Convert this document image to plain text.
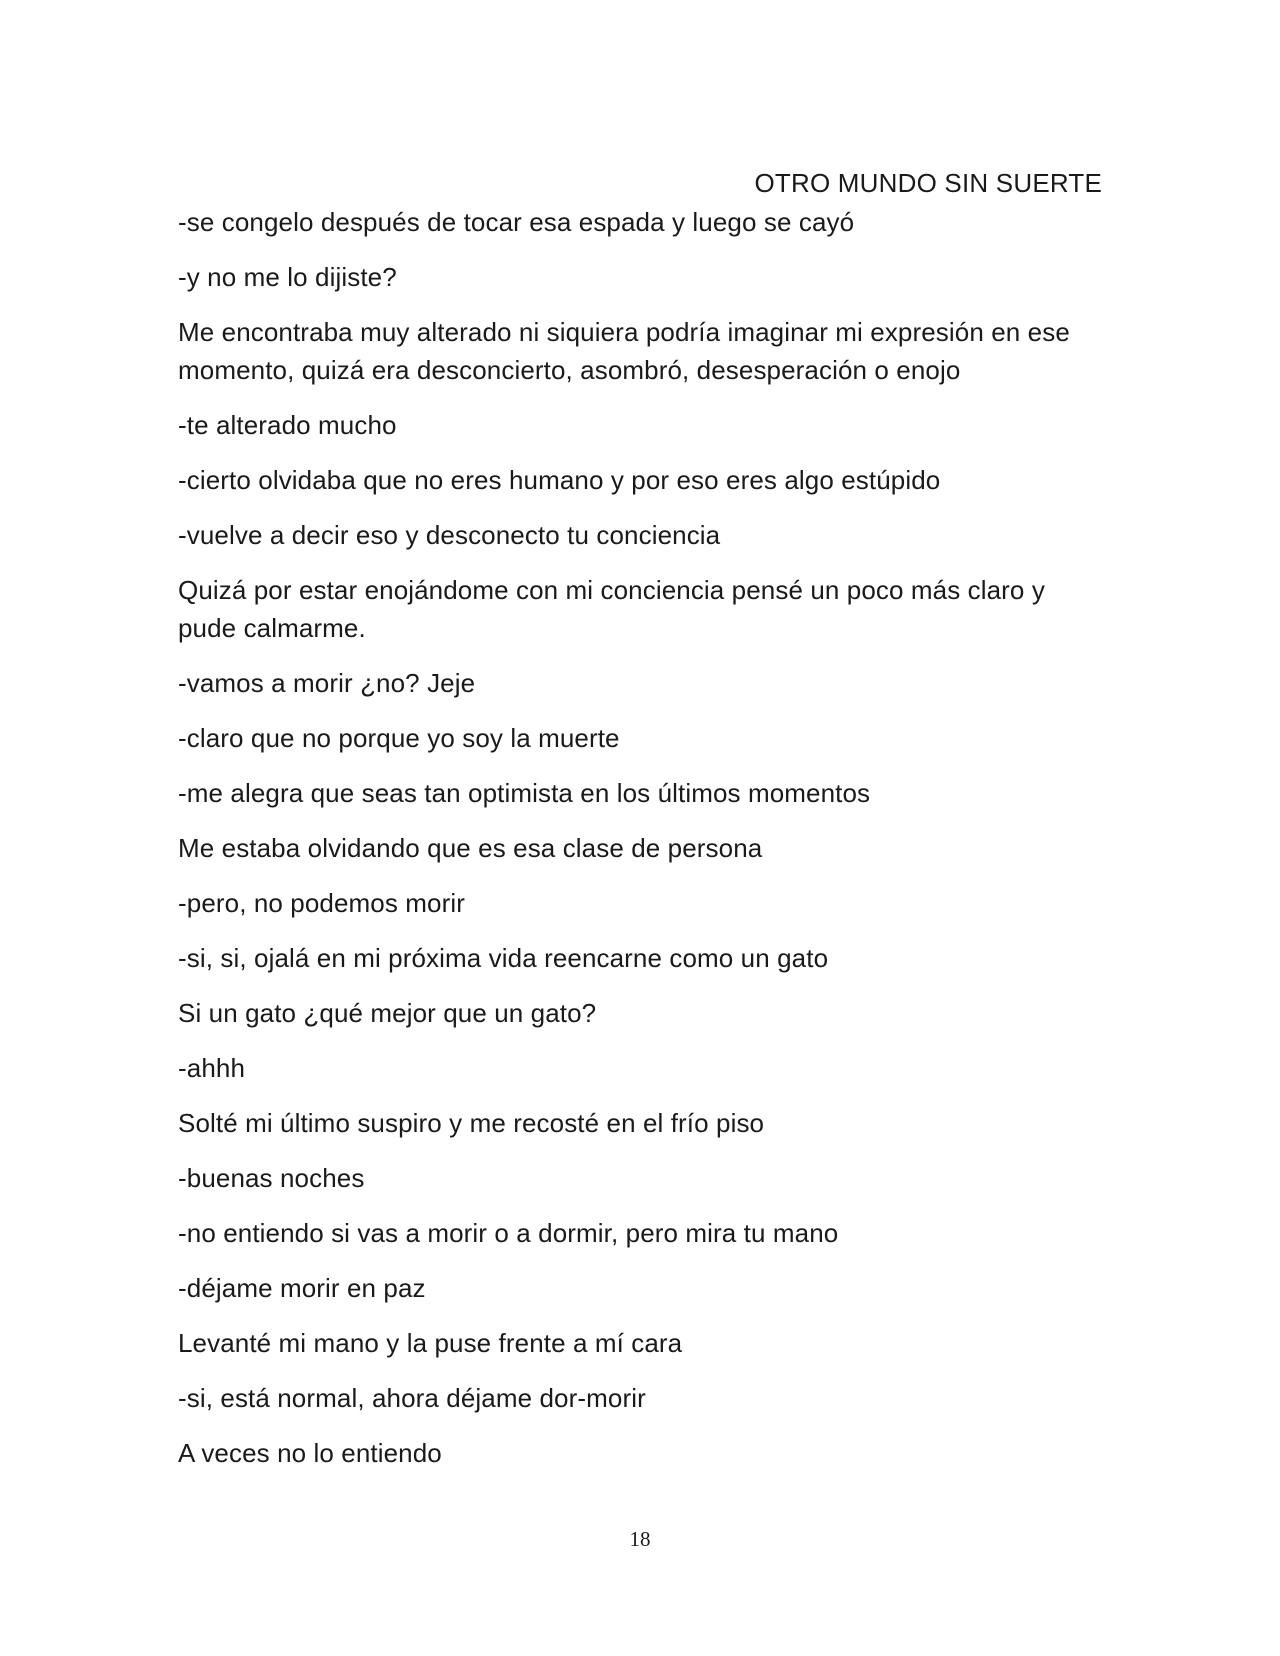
OTRO MUNDO SIN SUERTE

-se congelo después de tocar esa espada y luego se cayó

-y no me lo dijiste?

Me encontraba muy alterado ni siquiera podría imaginar mi expresión en ese momento, quizá era desconcierto, asombró, desesperación o enojo

-te alterado mucho

-cierto olvidaba que no eres humano y por eso eres algo estúpido

-vuelve a decir eso y desconecto tu conciencia

Quizá por estar enojándome con mi conciencia pensé un poco más claro y pude calmarme.

-vamos a morir ¿no? Jeje

-claro que no porque yo soy la muerte

-me alegra que seas tan optimista en los últimos momentos

Me estaba olvidando que es esa clase de persona

-pero, no podemos morir

-si, si, ojalá en mi próxima vida reencarne como un gato

Si un gato ¿qué mejor que un gato?

-ahhh

Solté mi último suspiro y me recosté en el frío piso

-buenas noches

-no entiendo si vas a morir o a dormir, pero mira tu mano

-déjame morir en paz

Levanté mi mano y la puse frente a mí cara

-si, está normal, ahora déjame dor-morir

A veces no lo entiendo

18
